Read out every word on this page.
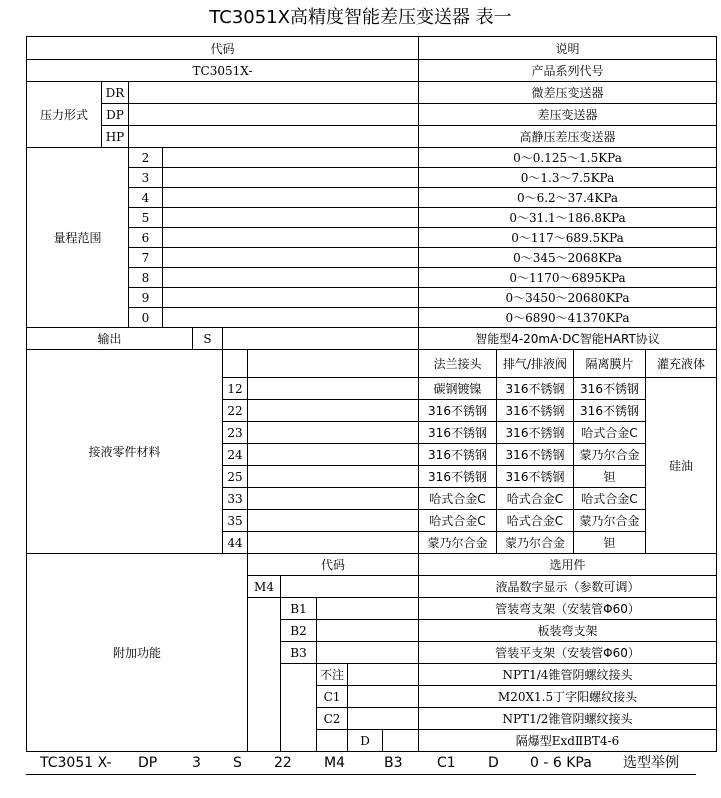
TC3051X高精度智能差压变送器 表一
代码											说明			
TC3051X-											产品系列代号			
压力形式	DR										微差压变送器			
	DP										差压变送器			
	HP										高静压差压变送器			
量程范围		2									0～0.125～1.5KPa			
		3									0～1.3～7.5KPa			
		4									0～6.2～37.4KPa			
		5									0～31.1～186.8KPa			
		6									0～117～689.5KPa			
		7									0～345～2068KPa			
		8									0～1170～6895KPa			
		9									0～3450～20680KPa			
		0									0～6890～41370KPa			
输出				S							智能型4-20mA·DC智能HART协议			
接液零件材料											法兰接头	排气/排液阀	隔离膜片	灌充液体
					12						碳钢镀镍	316不锈钢	316不锈钢	硅油
					22						316不锈钢	316不锈钢	316不锈钢	
					23						316不锈钢	316不锈钢	哈式合金C	
					24						316不锈钢	316不锈钢	蒙乃尔合金	
					25						316不锈钢	316不锈钢	钽	
					33						哈式合金C	哈式合金C	哈式合金C	
					35						哈式合金C	哈式合金C	蒙乃尔合金	
					44						蒙乃尔合金	蒙乃尔合金	钽	
附加功能						代码					选用件			
						M4					液晶数字显示（参数可调）			
							B1				管装弯支架（安装管Φ60）			
							B2				板装弯支架			
							B3				管装平支架（安装管Φ60）			
								不注			NPT1/4锥管阴螺纹接头			
								C1			M20X1.5丁字阳螺纹接头			
								C2			NPT1/2锥管阴螺纹接头			
									D		隔爆型ExdⅡBT4-6			
TC3051 X- DP 3 S 22 M4	B3 C1 D 0 - 6 KPa 选型举例
